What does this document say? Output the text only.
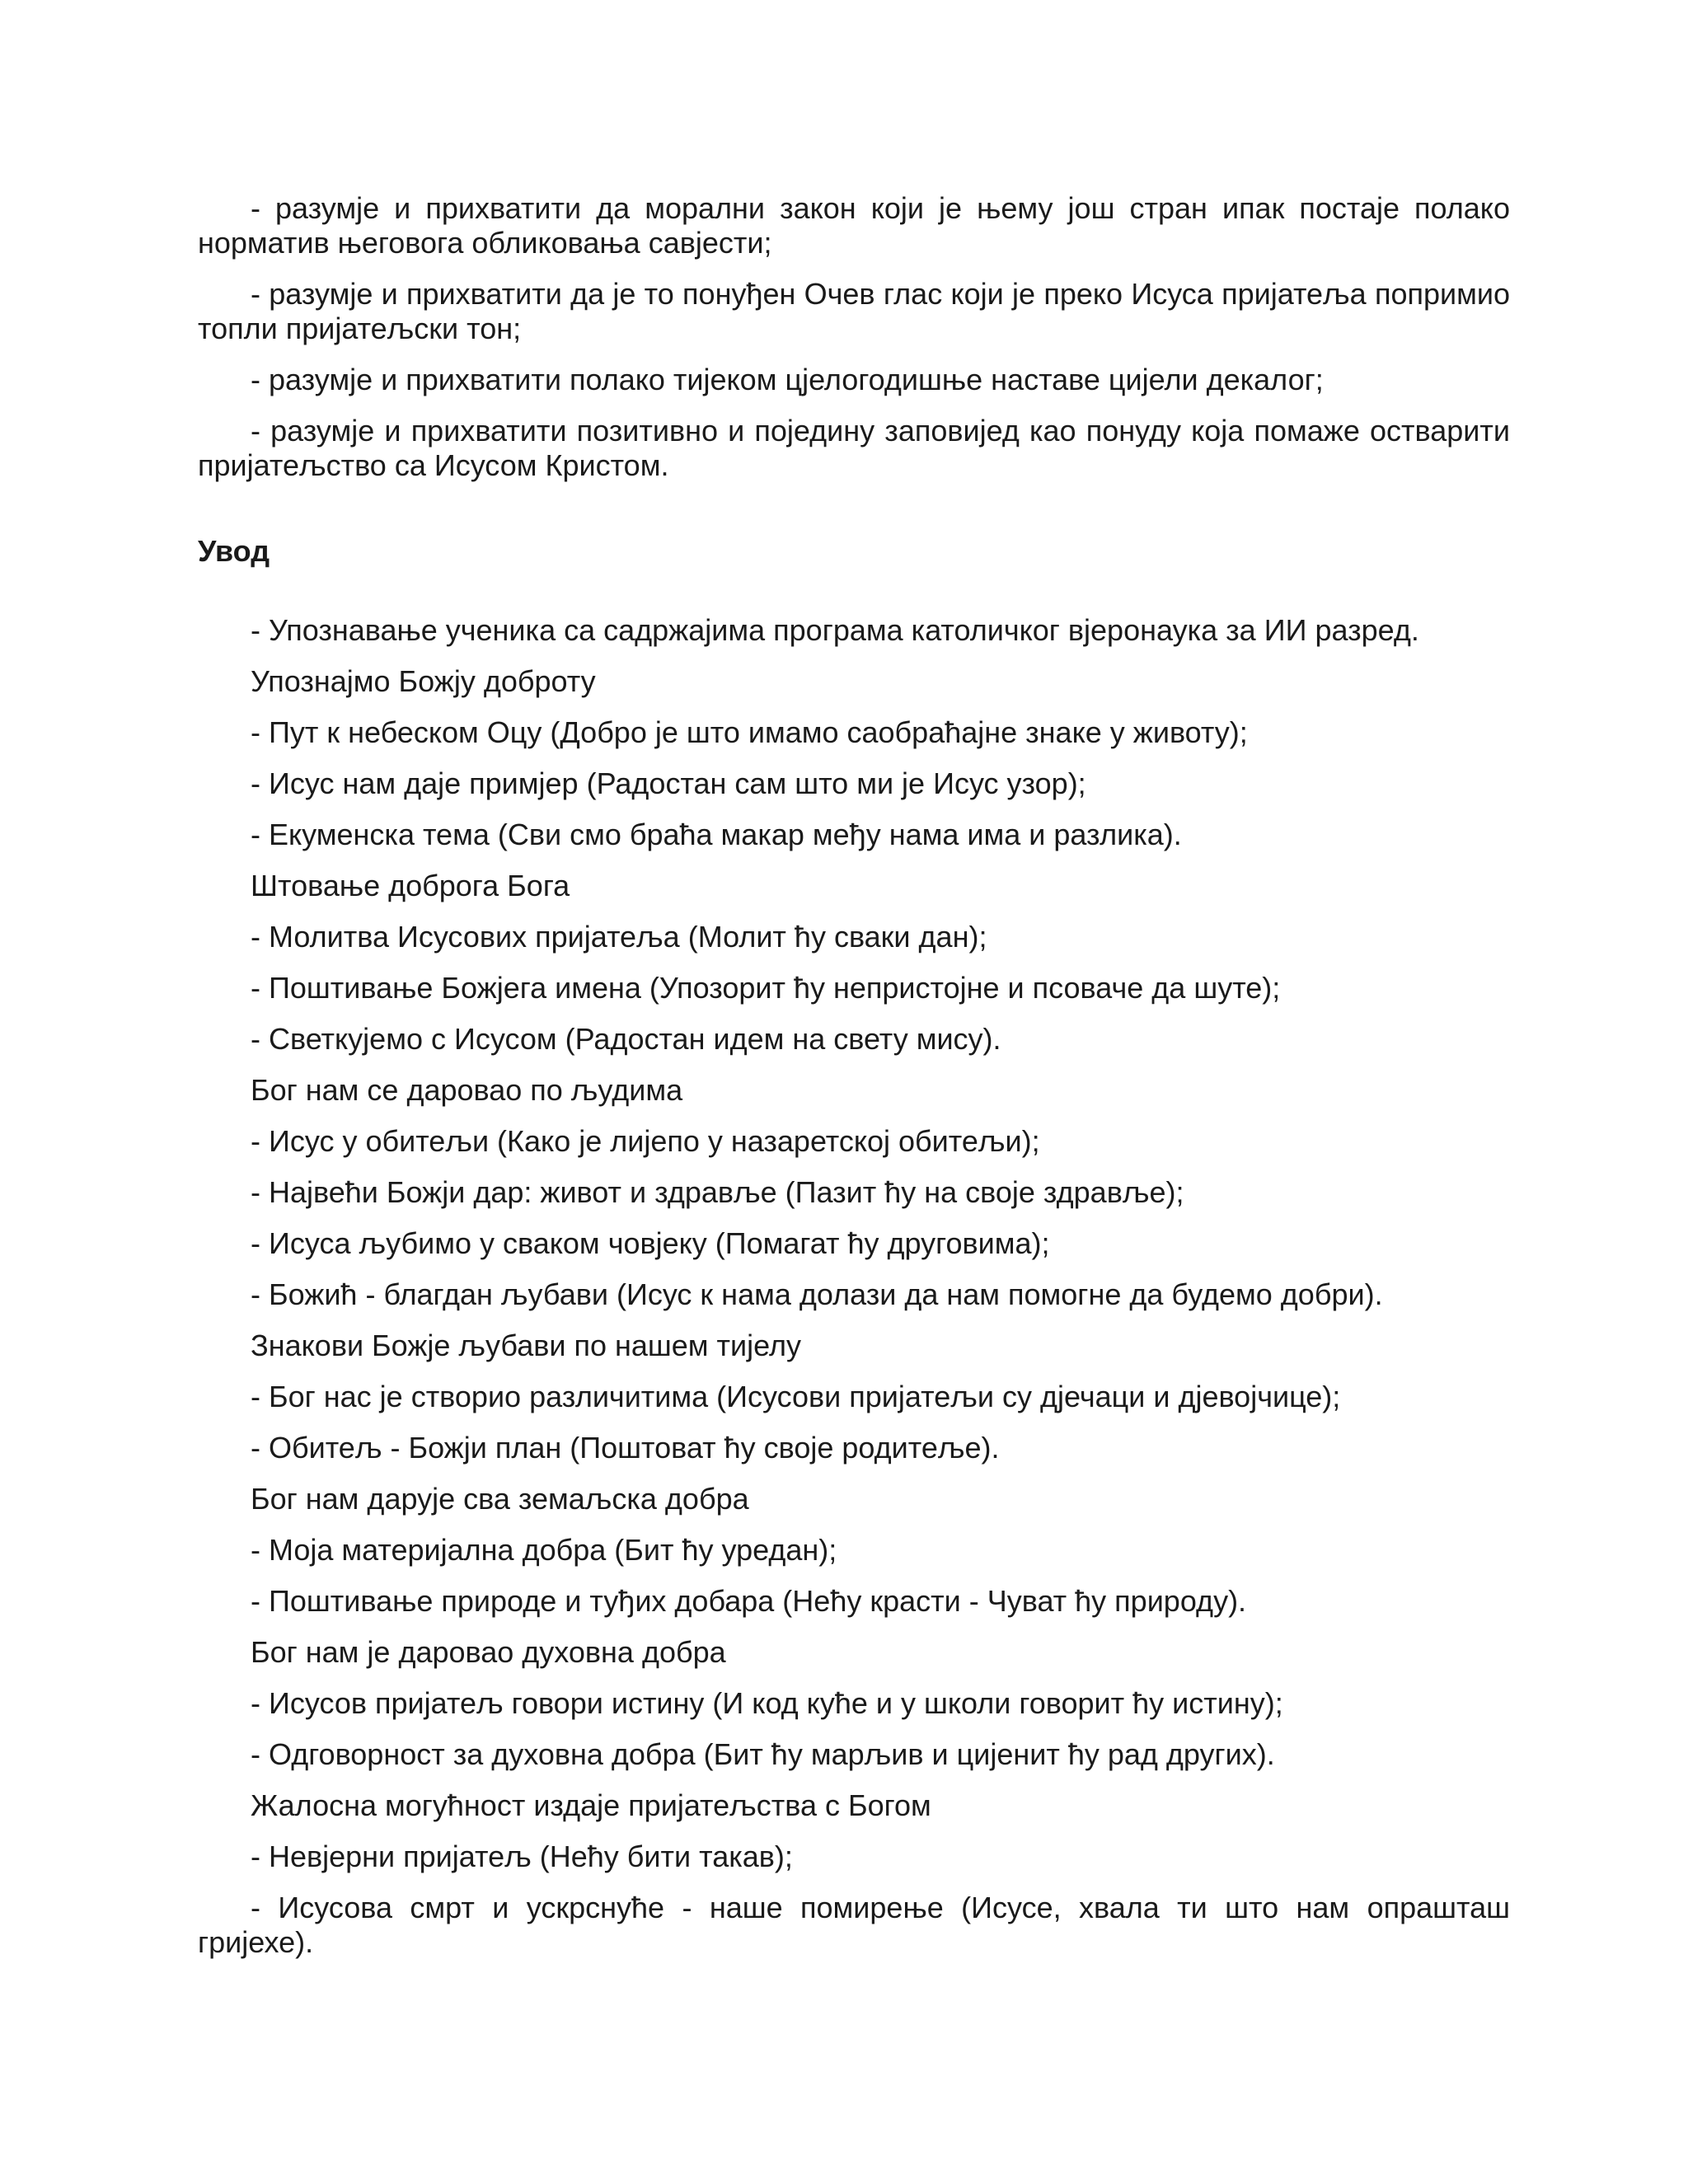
- разумје и прихватити да морални закон који је њему још стран ипак постаје полако норматив његовога обликовања савјести;

- разумје и прихватити да је то понуђен Очев глас који је преко Исуса пријатеља попримио топли пријатељски тон;

- разумје и прихватити полако тијеком цјелогодишње наставе цијели декалог;

- разумје и прихватити позитивно и поједину заповијед као понуду која помаже остварити пријатељство са Исусом Кристом.

Увод
- Упознавање ученика са садржајима програма католичког вјеронаука за ИИ разред.
Упознајмо Божју доброту
- Пут к небеском Оцу (Добро је што имамо саобраћајне знаке у животу);
- Исус нам даје примјер (Радостан сам што ми је Исус узор);
- Екуменска тема (Сви смо браћа макар међу нама има и разлика).
Штовање доброга Бога
- Молитва Исусових пријатеља (Молит ћу сваки дан);
- Поштивање Божјега имена (Упозорит ћу непристојне и псоваче да шуте);
- Светкујемо с Исусом (Радостан идем на свету мису).
Бог нам се даровао по људима
- Исус у обитељи (Како је лијепо у назаретској обитељи);
- Највећи Божји дар: живот и здравље (Пазит ћу на своје здравље);
- Исуса љубимо у сваком човјеку (Помагат ћу друговима);
- Божић - благдан љубави (Исус к нама долази да нам помогне да будемо добри).
Знакови Божје љубави по нашем тијелу
- Бог нас је створио различитима (Исусови пријатељи су дјечаци и дјевојчице);
- Обитељ - Божји план (Поштоват ћу своје родитеље).
Бог нам дарује сва земаљска добра
- Моја материјална добра (Бит ћу уредан);
- Поштивање природе и туђих добара (Нећу красти - Чуват ћу природу).
Бог нам је даровао духовна добра
- Исусов пријатељ говори истину (И код куће и у школи говорит ћу истину);
- Одговорност за духовна добра (Бит ћу марљив и цијенит ћу рад других).
Жалосна могућност издаје пријатељства с Богом
- Невјерни пријатељ (Нећу бити такав);
- Исусова смрт и ускрснуће - наше помирење (Исусе, хвала ти што нам опрашташ гријехе).
